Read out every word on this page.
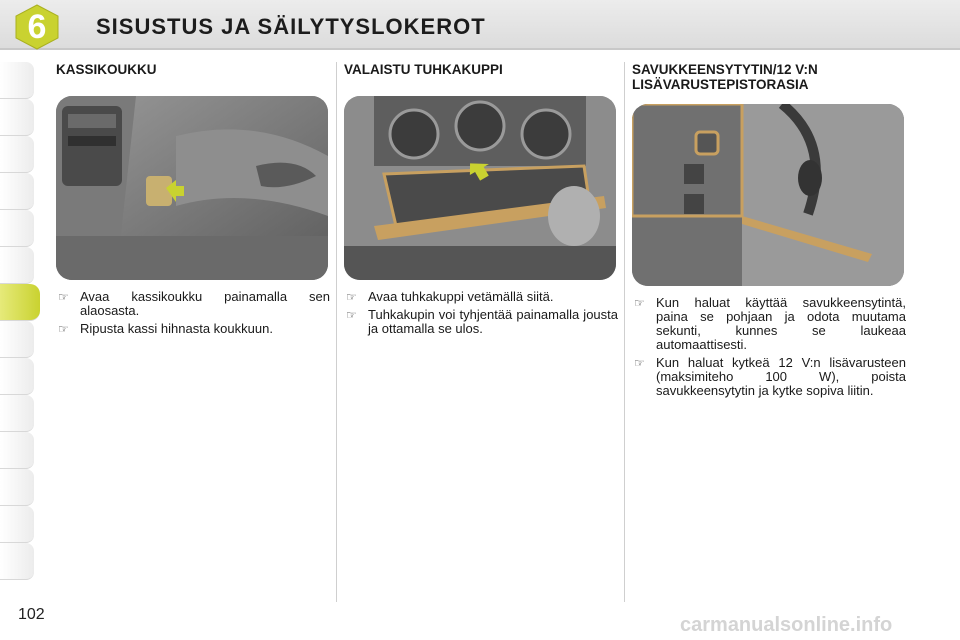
6	SISUSTUS JA SÄILYTYSLOKEROT
KASSIKOUKKU
☞ Avaa kassikoukku painamalla sen alaosasta.
☞ Ripusta kassi hihnasta koukkuun.
VALAISTU TUHKAKUPPI
☞ Avaa tuhkakuppi vetämällä siitä.
☞ Tuhkakupin voi tyhjentää painamalla jousta ja ottamalla se ulos.
SAVUKKEENSYTYTIN/12 V:N LISÄVARUSTEPISTORASIA
☞ Kun haluat käyttää savukkeensytintä, paina se pohjaan ja odota muutama sekunti, kunnes se laukeaa automaattisesti.
☞ Kun haluat kytkeä 12 V:n lisävarusteen (maksimiteho 100 W), poista savukkeensytytin ja kytke sopiva liitin.
102	carmanualsonline.info
